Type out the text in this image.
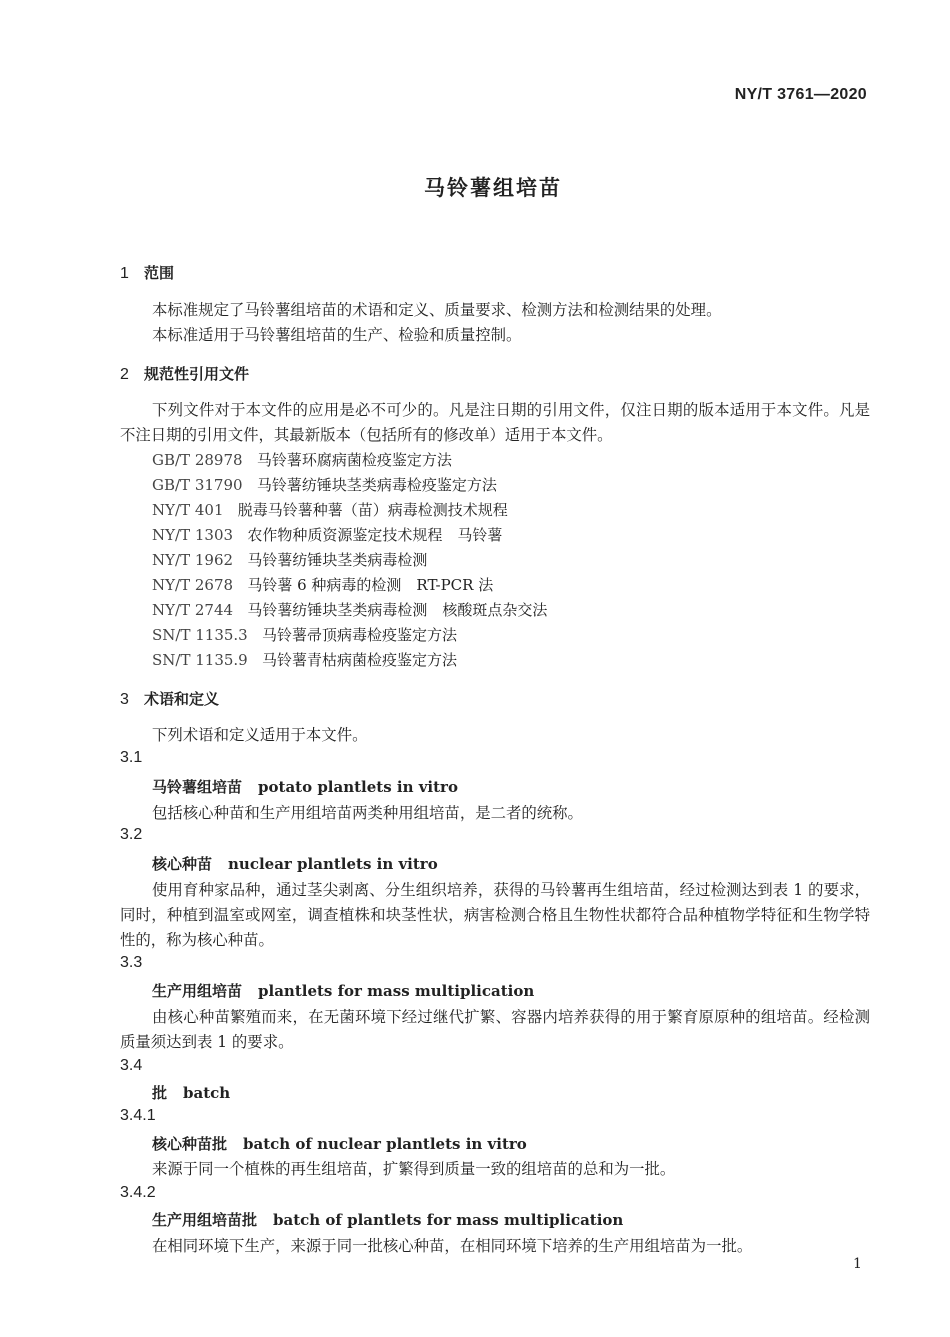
NY/T 3761—2020
马铃薯组培苗
1 范围
本标准规定了马铃薯组培苗的术语和定义、质量要求、检测方法和检测结果的处理。
本标准适用于马铃薯组培苗的生产、检验和质量控制。
2 规范性引用文件
下列文件对于本文件的应用是必不可少的。凡是注日期的引用文件，仅注日期的版本适用于本文件。凡是不注日期的引用文件，其最新版本（包括所有的修改单）适用于本文件。
GB/T 28978 马铃薯环腐病菌检疫鉴定方法
GB/T 31790 马铃薯纺锤块茎类病毒检疫鉴定方法
NY/T 401 脱毒马铃薯种薯（苗）病毒检测技术规程
NY/T 1303 农作物种质资源鉴定技术规程　马铃薯
NY/T 1962 马铃薯纺锤块茎类病毒检测
NY/T 2678 马铃薯 6 种病毒的检测　RT-PCR 法
NY/T 2744 马铃薯纺锤块茎类病毒检测　核酸斑点杂交法
SN/T 1135.3 马铃薯帚顶病毒检疫鉴定方法
SN/T 1135.9 马铃薯青枯病菌检疫鉴定方法
3 术语和定义
下列术语和定义适用于本文件。
3.1
马铃薯组培苗 potato plantlets in vitro
包括核心种苗和生产用组培苗两类种用组培苗，是二者的统称。
3.2
核心种苗 nuclear plantlets in vitro
使用育种家品种，通过茎尖剥离、分生组织培养，获得的马铃薯再生组培苗，经过检测达到表 1 的要求，同时，种植到温室或网室，调查植株和块茎性状，病害检测合格且生物性状都符合品种植物学特征和生物学特性的，称为核心种苗。
3.3
生产用组培苗 plantlets for mass multiplication
由核心种苗繁殖而来，在无菌环境下经过继代扩繁、容器内培养获得的用于繁育原原种的组培苗。经检测质量须达到表 1 的要求。
3.4
批 batch
3.4.1
核心种苗批 batch of nuclear plantlets in vitro
来源于同一个植株的再生组培苗，扩繁得到质量一致的组培苗的总和为一批。
3.4.2
生产用组培苗批 batch of plantlets for mass multiplication
在相同环境下生产，来源于同一批核心种苗，在相同环境下培养的生产用组培苗为一批。
1
